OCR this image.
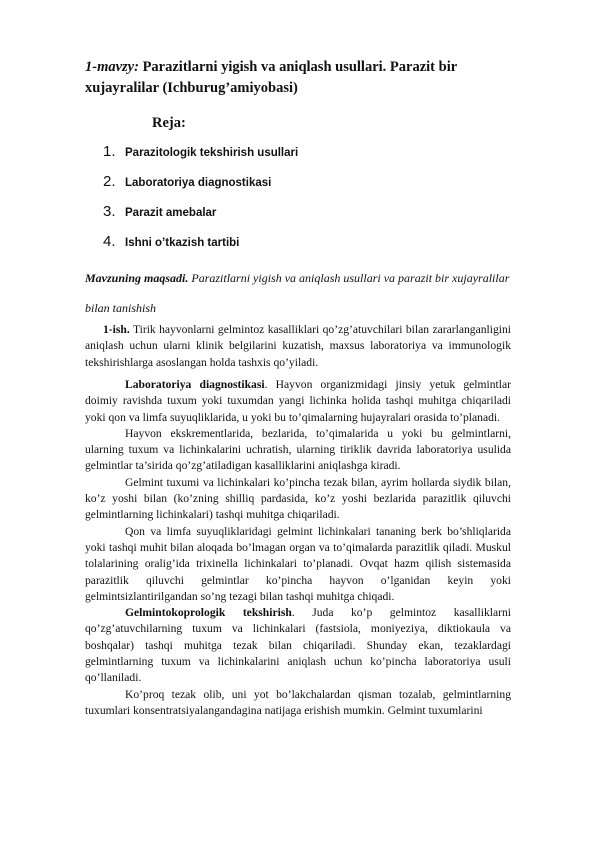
1-mavzy: Parazitlarni yigish va aniqlash usullari. Parazit bir xujayralilar (Ichburug’amiyobasi)
Reja:
1. Parazitologik tekshirish usullari
2. Laboratoriya diagnostikasi
3. Parazit amebalar
4. Ishni o’tkazish tartibi
Mavzuning maqsadi. Parazitlarni yigish va aniqlash usullari va parazit bir xujayralilar bilan tanishish

1-ish. Tirik hayvonlarni gelmintoz kasalliklari qo’zg’atuvchilari bilan zararlanganligini aniqlash uchun ularni klinik belgilarini kuzatish, maxsus laboratoriya va immunologik tekshirishlarga asoslangan holda tashxis qo’yiladi.

Laboratoriya diagnostikasi. Hayvon organizmidagi jinsiy yetuk gelmintlar doimiy ravishda tuxum yoki tuxumdan yangi lichinka holida tashqi muhitga chiqariladi yoki qon va limfa suyuqliklarida, u yoki bu to’qimalarning hujayralari orasida to’planadi.

Hayvon ekskrementlarida, bezlarida, to’qimalarida u yoki bu gelmintlarni, ularning tuxum va lichinkalarini uchratish, ularning tiriklik davrida laboratoriya usulida gelmintlar ta’sirida qo’zg’atiladigan kasalliklarini aniqlashga kiradi.

Gelmint tuxumi va lichinkalari ko’pincha tezak bilan, ayrim hollarda siydik bilan, ko’z yoshi bilan (ko’zning shilliq pardasida, ko’z yoshi bezlarida parazitlik qiluvchi gelmintlarning lichinkalari) tashqi muhitga chiqariladi.

Qon va limfa suyuqliklaridagi gelmint lichinkalari tananing berk bo’shliqlarida yoki tashqi muhit bilan aloqada bo’lmagan organ va to’qimalarda parazitlik qiladi. Muskul tolalarining oralig’ida trixinella lichinkalari to’planadi. Ovqat hazm qilish sistemasida parazitlik qiluvchi gelmintlar ko’pincha hayvon o’lganidan keyin yoki gelmintsizlantirilgandan so’ng tezagi bilan tashqi muhitga chiqadi.

Gelmintokoprologik tekshirish. Juda ko’p gelmintoz kasalliklarni qo’zg’atuvchilarning tuxum va lichinkalari (fastsiola, moniyeziya, diktiokaula va boshqalar) tashqi muhitga tezak bilan chiqariladi. Shunday ekan, tezaklardagi gelmintlarning tuxum va lichinkalarini aniqlash uchun ko’pincha laboratoriya usuli qo’llaniladi.

Ko’proq tezak olib, uni yot bo’lakchalardan qisman tozalab, gelmintlarning tuxumlari konsentratsiyalangandagina natijaga erishish mumkin. Gelmint tuxumlarini
